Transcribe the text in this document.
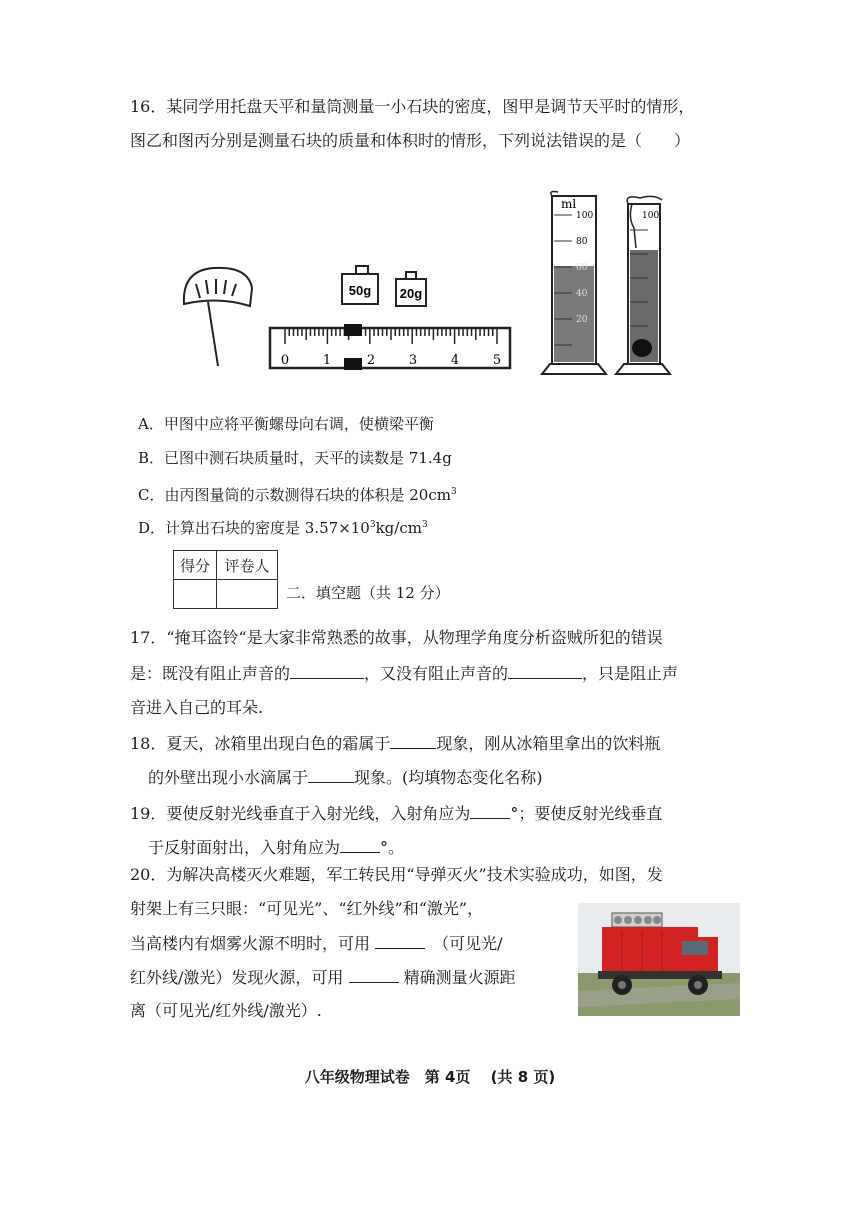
16．某同学用托盘天平和量筒测量一小石块的密度，图甲是调节天平时的情形，
图乙和图丙分别是测量石块的质量和体积时的情形，下列说法错误的是（　　）
50g 20g
0	1	2	3	4	5
ml
100
80
60
40
20
100
A．甲图中应将平衡螺母向右调，使横梁平衡
B．已图中测石块质量时，天平的读数是 71.4g
C．由丙图量筒的示数测得石块的体积是 $20cm^3$
D．计算出石块的密度是 $3.57\times 10^3kg/cm^3$
得分	评卷人

二．填空题（共 12 分）
17．“掩耳盗铃“是大家非常熟悉的故事，从物理学角度分析盗贼所犯的错误
是：既没有阻止声音的	，又没有阻止声音的	，只是阻止声
音进入自己的耳朵.
18．夏天，冰箱里出现白色的霜属于	现象，刚从冰箱里拿出的饮料瓶
的外壁出现小水滴属于	现象。(均填物态变化名称)
19．要使反射光线垂直于入射光线，入射角应为	°；要使反射光线垂直
于反射面射出，入射角应为	°。
20．为解决高楼灭火难题，军工转民用“导弹灭火”技术实验成功，如图，发
射架上有三只眼：“可见光”、“红外线”和“激光”，
当高楼内有烟雾火源不明时，可用 　	（可见光/
红外线/激光）发现火源，可用	精确测量火源距
离（可见光/红外线/激光）.
八年级物理试卷　第 4页　 (共 8 页)
